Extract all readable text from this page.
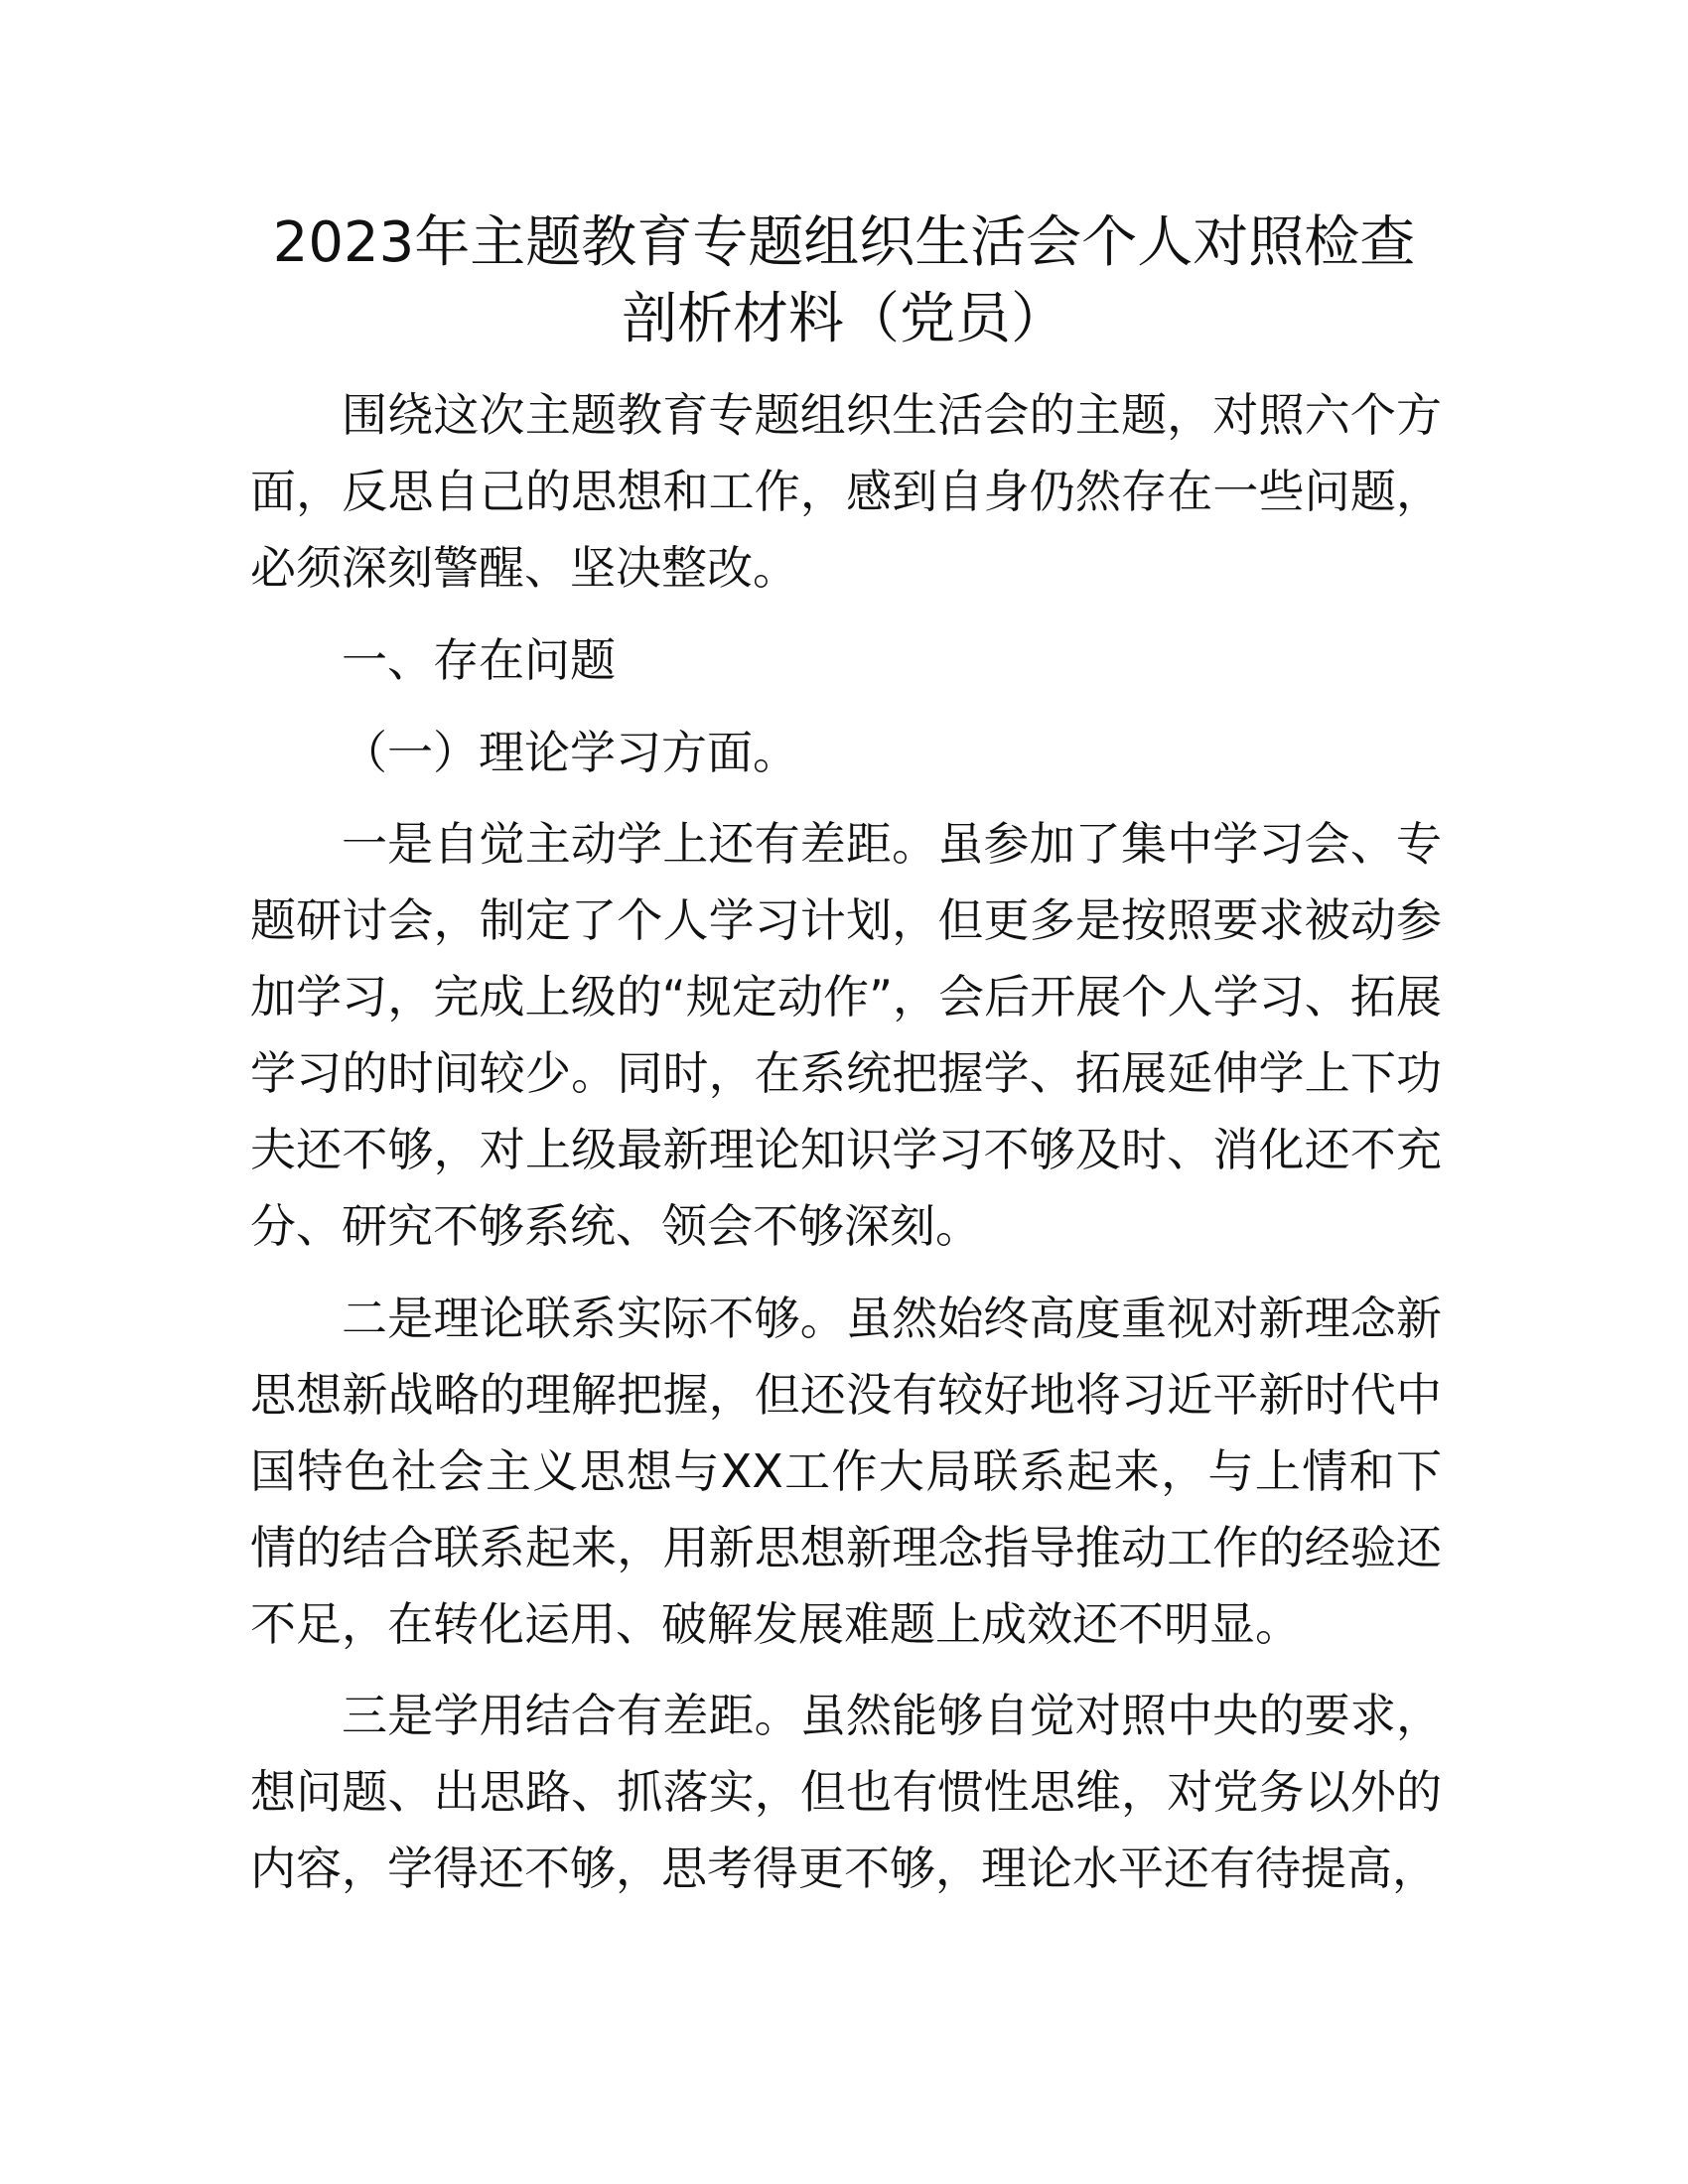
2023年主题教育专题组织生活会个人对照检查
剖析材料（党员）

围绕这次主题教育专题组织生活会的主题，对照六个方面，反思自己的思想和工作，感到自身仍然存在一些问题，必须深刻警醒、坚决整改。

一、存在问题

（一）理论学习方面。

一是自觉主动学上还有差距。虽参加了集中学习会、专题研讨会，制定了个人学习计划，但更多是按照要求被动参加学习，完成上级的“规定动作”，会后开展个人学习、拓展学习的时间较少。同时，在系统把握学、拓展延伸学上下功夫还不够，对上级最新理论知识学习不够及时、消化还不充分、研究不够系统、领会不够深刻。

二是理论联系实际不够。虽然始终高度重视对新理念新思想新战略的理解把握，但还没有较好地将习近平新时代中国特色社会主义思想与XX工作大局联系起来，与上情和下情的结合联系起来，用新思想新理念指导推动工作的经验还不足，在转化运用、破解发展难题上成效还不明显。

三是学用结合有差距。虽然能够自觉对照中央的要求，想问题、出思路、抓落实，但也有惯性思维，对党务以外的内容，学得还不够，思考得更不够，理论水平还有待提高，
